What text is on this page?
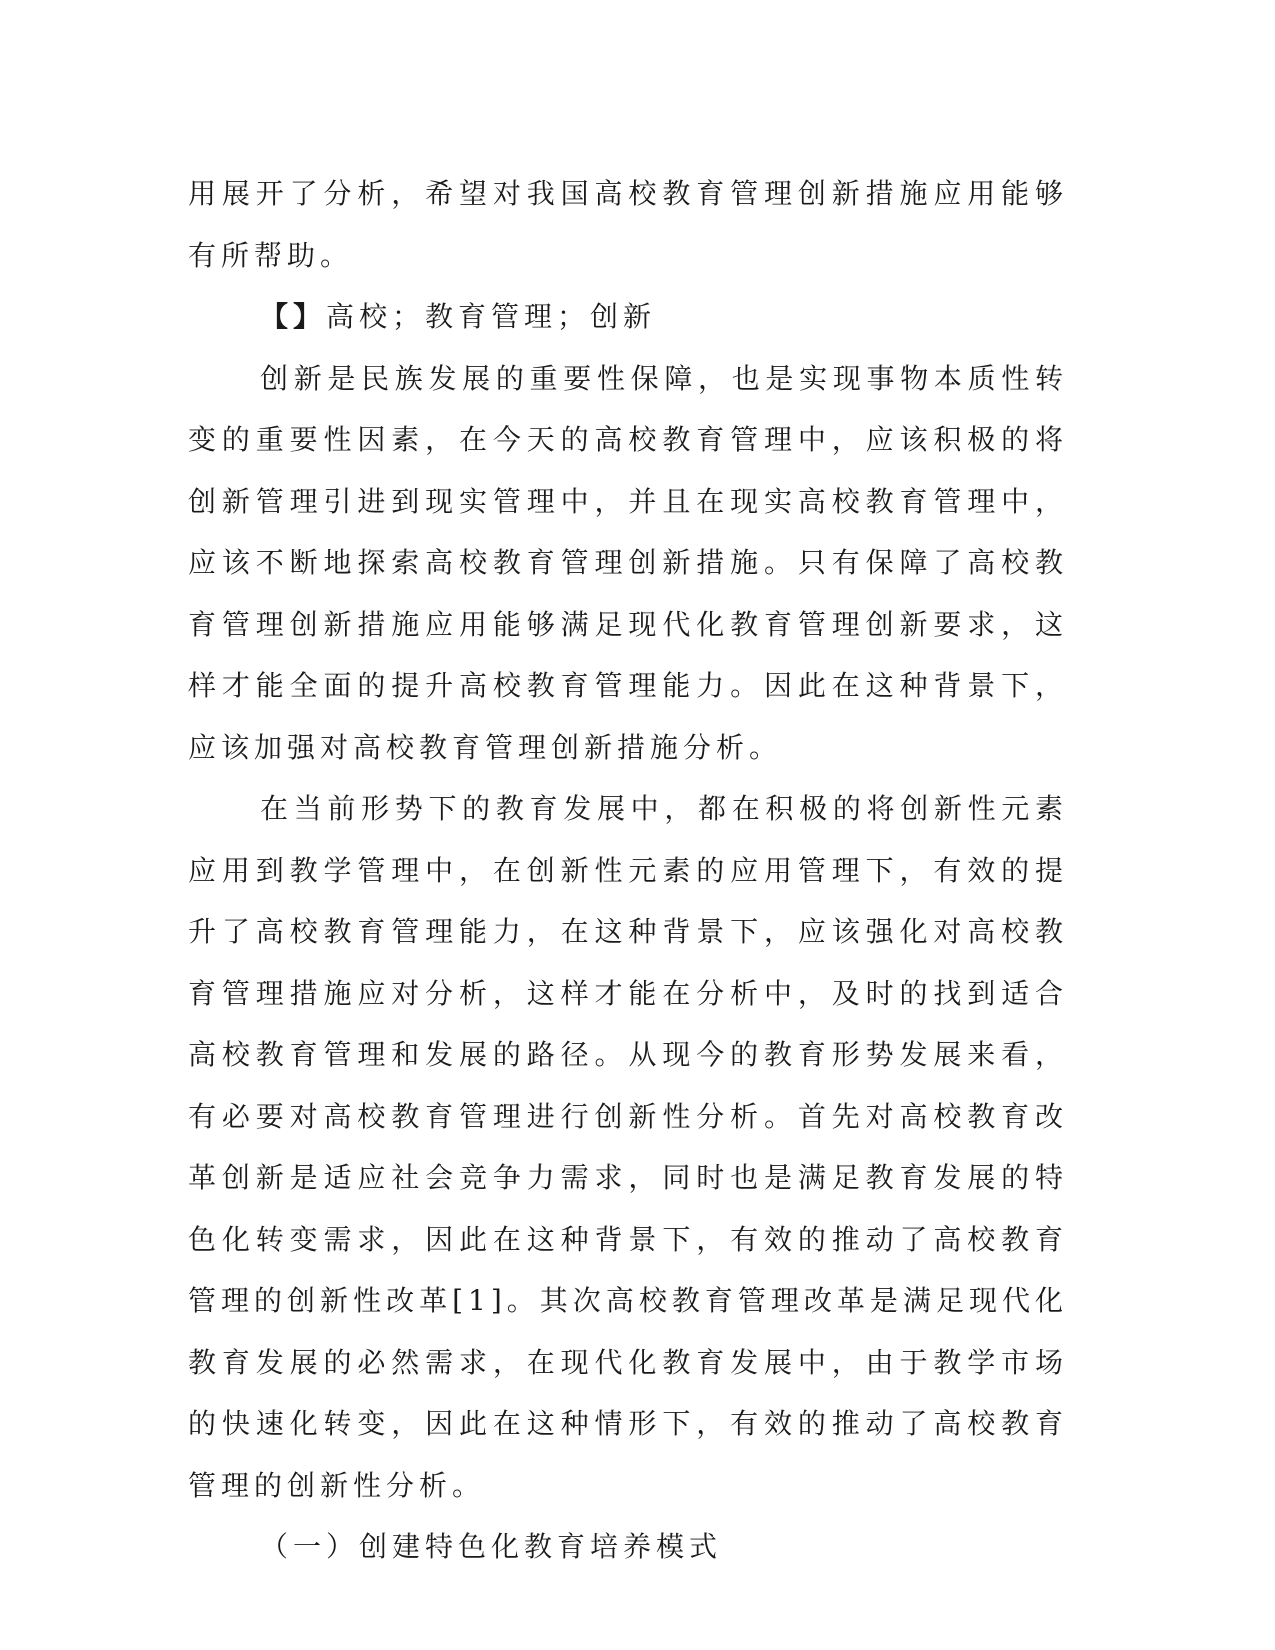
用展开了分析，希望对我国高校教育管理创新措施应用能够有所帮助。

【】高校；教育管理；创新

创新是民族发展的重要性保障，也是实现事物本质性转变的重要性因素，在今天的高校教育管理中，应该积极的将创新管理引进到现实管理中，并且在现实高校教育管理中，应该不断地探索高校教育管理创新措施。只有保障了高校教育管理创新措施应用能够满足现代化教育管理创新要求，这样才能全面的提升高校教育管理能力。因此在这种背景下，应该加强对高校教育管理创新措施分析。

在当前形势下的教育发展中，都在积极的将创新性元素应用到教学管理中，在创新性元素的应用管理下，有效的提升了高校教育管理能力，在这种背景下，应该强化对高校教育管理措施应对分析，这样才能在分析中，及时的找到适合高校教育管理和发展的路径。从现今的教育形势发展来看，有必要对高校教育管理进行创新性分析。首先对高校教育改革创新是适应社会竞争力需求，同时也是满足教育发展的特色化转变需求，因此在这种背景下，有效的推动了高校教育管理的创新性改革[1]。其次高校教育管理改革是满足现代化教育发展的必然需求，在现代化教育发展中，由于教学市场的快速化转变，因此在这种情形下，有效的推动了高校教育管理的创新性分析。

（一）创建特色化教育培养模式
